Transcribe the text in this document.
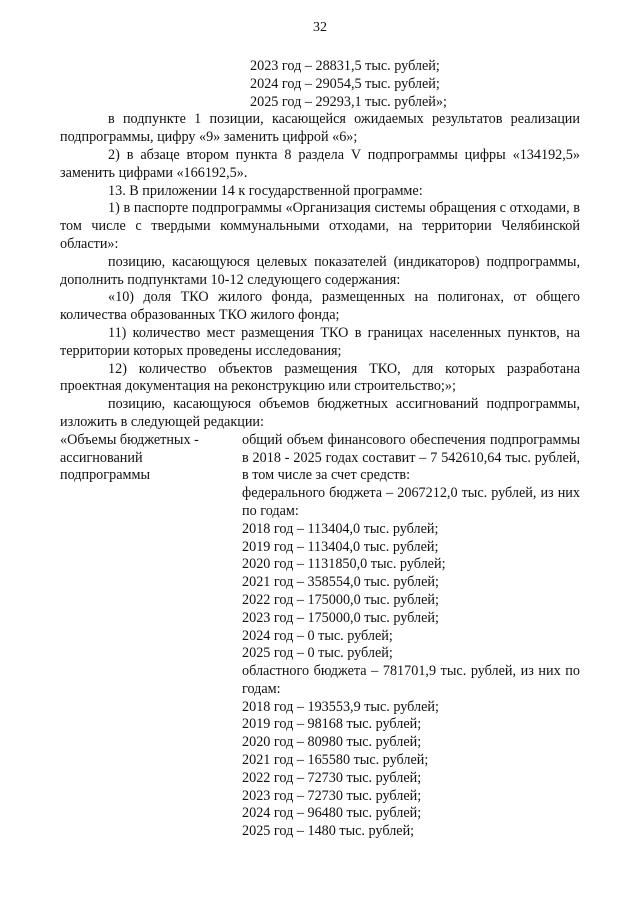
32
2023 год – 28831,5 тыс. рублей;
2024 год – 29054,5 тыс. рублей;
2025 год – 29293,1 тыс. рублей»;

в подпункте 1 позиции, касающейся ожидаемых результатов реализации подпрограммы, цифру «9» заменить цифрой «6»;

2) в абзаце втором пункта 8 раздела V подпрограммы цифры «134192,5» заменить цифрами «166192,5».

13. В приложении 14 к государственной программе:

1) в паспорте подпрограммы «Организация системы обращения с отходами, в том числе с твердыми коммунальными отходами, на территории Челябинской области»:

позицию, касающуюся целевых показателей (индикаторов) подпрограммы, дополнить подпунктами 10-12 следующего содержания:

«10) доля ТКО жилого фонда, размещенных на полигонах, от общего количества образованных ТКО жилого фонда;

11) количество мест размещения ТКО в границах населенных пунктов, на территории которых проведены исследования;

12) количество объектов размещения ТКО, для которых разработана проектная документация на реконструкцию или строительство;»;

позицию, касающуюся объемов бюджетных ассигнований подпрограммы, изложить в следующей редакции:

«Объемы бюджетных -
ассигнований
подпрограммы

общий объем финансового обеспечения подпрограммы в 2018 - 2025 годах составит – 7 542610,64 тыс. рублей, в том числе за счет средств:

федерального бюджета – 2067212,0 тыс. рублей, из них по годам:

2018 год – 113404,0 тыс. рублей;
2019 год – 113404,0 тыс. рублей;
2020 год – 1131850,0 тыс. рублей;
2021 год – 358554,0 тыс. рублей;
2022 год – 175000,0 тыс. рублей;
2023 год – 175000,0 тыс. рублей;
2024 год – 0 тыс. рублей;
2025 год – 0 тыс. рублей;

областного бюджета – 781701,9 тыс. рублей, из них по годам:

2018 год – 193553,9 тыс. рублей;
2019 год – 98168 тыс. рублей;
2020 год – 80980 тыс. рублей;
2021 год – 165580 тыс. рублей;
2022 год – 72730 тыс. рублей;
2023 год – 72730 тыс. рублей;
2024 год – 96480 тыс. рублей;
2025 год – 1480 тыс. рублей;
